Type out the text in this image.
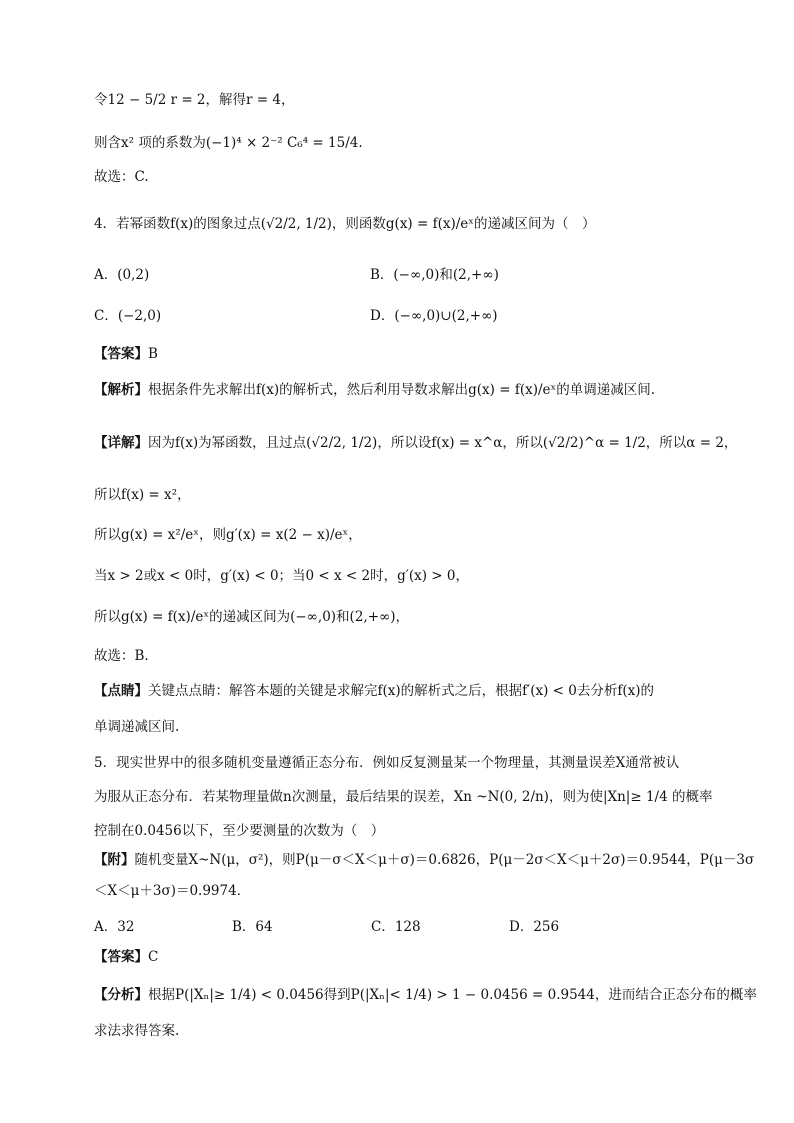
令12 − 5/2 r = 2，解得r = 4，
则含x² 项的系数为(−1)⁴ × 2⁻² C₆⁴ = 15/4.
故选：C.
4．若幂函数f(x)的图象过点(√2/2, 1/2)，则函数g(x) = f(x)/eˣ的递减区间为（　）
A．(0,2)	B．(−∞,0)和(2,+∞)
C．(−2,0)	D．(−∞,0)∪(2,+∞)
【答案】B
【解析】根据条件先求解出f(x)的解析式，然后利用导数求解出g(x) = f(x)/eˣ的单调递减区间.
【详解】因为f(x)为幂函数，且过点(√2/2, 1/2)，所以设f(x) = x^α，所以(√2/2)^α = 1/2，所以α = 2，
所以f(x) = x²，
所以g(x) = x²/eˣ，则g′(x) = x(2 − x)/eˣ，
当x > 2或x < 0时，g′(x) < 0；当0 < x < 2时，g′(x) > 0，
所以g(x) = f(x)/eˣ的递减区间为(−∞,0)和(2,+∞)，
故选：B.
【点睛】关键点点睛：解答本题的关键是求解完f(x)的解析式之后，根据f′(x) < 0去分析f(x)的
单调递减区间.
5．现实世界中的很多随机变量遵循正态分布．例如反复测量某一个物理量，其测量误差X通常被认
为服从正态分布．若某物理量做n次测量，最后结果的误差，Xn ~N(0, 2/n)，则为使|Xn|≥ 1/4 的概率
控制在0.0456以下，至少要测量的次数为（　）
【附】随机变量X~N(μ，σ²)，则P(μ－σ＜X＜μ＋σ)＝0.6826，P(μ－2σ＜X＜μ＋2σ)＝0.9544，P(μ－3σ
＜X＜μ＋3σ)＝0.9974．
A．32	B．64	C．128	D．256
【答案】C
【分析】根据P(|Xₙ|≥ 1/4) < 0.0456得到P(|Xₙ|< 1/4) > 1 − 0.0456 = 0.9544，进而结合正态分布的概率
求法求得答案.
